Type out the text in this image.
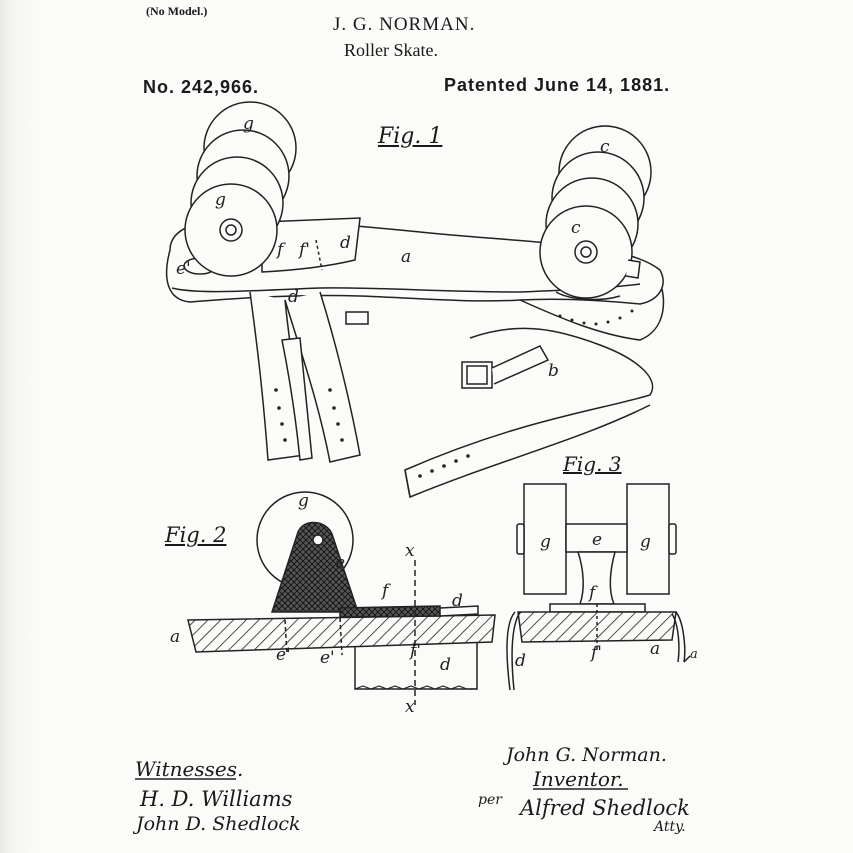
(No Model.)
J. G. NORMAN.
Roller Skate.
No. 242,966.	Patented June 14, 1881.
Fig. 1
Fig. 2
Fig. 3
g
g
c
c
a
b
d
d
f f'
e'
g
e
a
f	d
d
e' e'	f'
x
x
g	g
e
f
d	f'	a a
Witnesses.
H. D. Williams
John D. Shedlock
John G. Norman.
Inventor.
per Alfred Shedlock
Atty.
